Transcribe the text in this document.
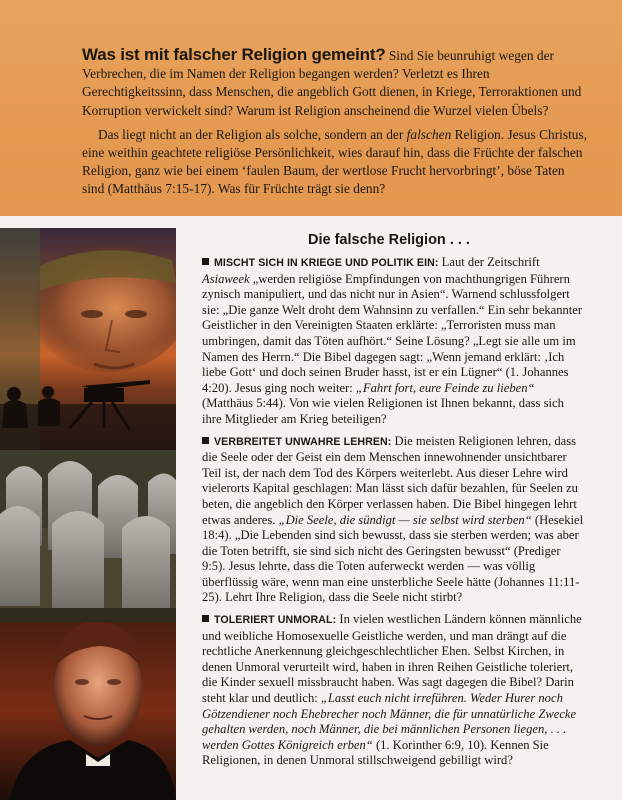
Was ist mit falscher Religion gemeint? Sind Sie beunruhigt wegen der Verbrechen, die im Namen der Religion begangen werden? Verletzt es Ihren Gerechtigkeitssinn, dass Menschen, die angeblich Gott dienen, in Kriege, Terroraktionen und Korruption verwickelt sind? Warum ist Religion anscheinend die Wurzel vielen Übels?

Das liegt nicht an der Religion als solche, sondern an der falschen Religion. Jesus Christus, eine weithin geachtete religiöse Persönlichkeit, wies darauf hin, dass die Früchte der falschen Religion, ganz wie bei einem ‘faulen Baum, der wertlose Frucht hervorbringt’, böse Taten sind (Matthäus 7:15-17). Was für Früchte trägt sie denn?

Die falsche Religion . . .

MISCHT SICH IN KRIEGE UND POLITIK EIN: Laut der Zeitschrift Asiaweek „werden religiöse Empfindungen von machthungrigen Führern zynisch manipuliert, und das nicht nur in Asien“. Warnend schlussfolgert sie: „Die ganze Welt droht dem Wahnsinn zu verfallen.“ Ein sehr bekannter Geistlicher in den Vereinigten Staaten erklärte: „Terroristen muss man umbringen, damit das Töten aufhört.“ Seine Lösung? „Legt sie alle um im Namen des Herrn.“ Die Bibel dagegen sagt: „Wenn jemand erklärt: ‚Ich liebe Gott‘ und doch seinen Bruder hasst, ist er ein Lügner“ (1. Johannes 4:20). Jesus ging noch weiter: „Fahrt fort, eure Feinde zu lieben“ (Matthäus 5:44). Von wie vielen Religionen ist Ihnen bekannt, dass sich ihre Mitglieder am Krieg beteiligen?

VERBREITET UNWAHRE LEHREN: Die meisten Religionen lehren, dass die Seele oder der Geist ein dem Menschen innewohnender unsichtbarer Teil ist, der nach dem Tod des Körpers weiterlebt. Aus dieser Lehre wird vielerorts Kapital geschlagen: Man lässt sich dafür bezahlen, für Seelen zu beten, die angeblich den Körper verlassen haben. Die Bibel hingegen lehrt etwas anderes. „Die Seele, die sündigt — sie selbst wird sterben“ (Hesekiel 18:4). „Die Lebenden sind sich bewusst, dass sie sterben werden; was aber die Toten betrifft, sie sind sich nicht des Geringsten bewusst“ (Prediger 9:5). Jesus lehrte, dass die Toten auferweckt werden — was völlig überflüssig wäre, wenn man eine unsterbliche Seele hätte (Johannes 11:11-25). Lehrt Ihre Religion, dass die Seele nicht stirbt?

TOLERIERT UNMORAL: In vielen westlichen Ländern können männliche und weibliche Homosexuelle Geistliche werden, und man drängt auf die rechtliche Anerkennung gleichgeschlechtlicher Ehen. Selbst Kirchen, in denen Unmoral verurteilt wird, haben in ihren Reihen Geistliche toleriert, die Kinder sexuell missbraucht haben. Was sagt dagegen die Bibel? Darin steht klar und deutlich: „Lasst euch nicht irreführen. Weder Hurer noch Götzendiener noch Ehebrecher noch Männer, die für unnatürliche Zwecke gehalten werden, noch Männer, die bei männlichen Personen liegen, . . . werden Gottes Königreich erben“ (1. Korinther 6:9, 10). Kennen Sie Religionen, in denen Unmoral stillschweigend gebilligt wird?
